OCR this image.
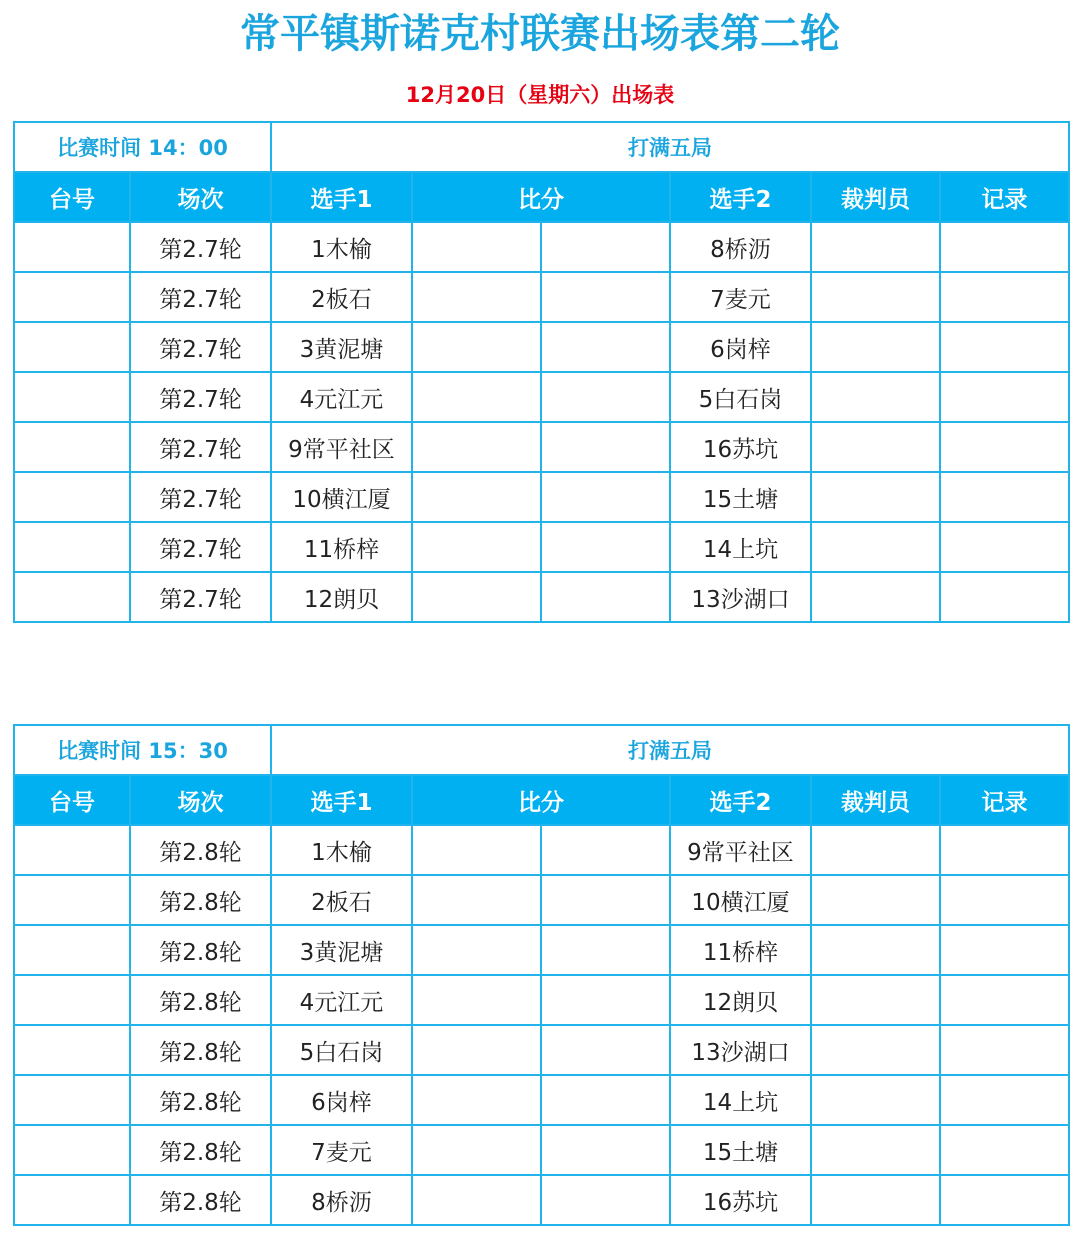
常平镇斯诺克村联赛出场表第二轮
12月20日（星期六）出场表
比赛时间 14：00		打满五局					
台号	场次	选手1	比分		选手2	裁判员	记录
	第2.7轮	1木榆			8桥沥		
	第2.7轮	2板石			7麦元		
	第2.7轮	3黄泥塘			6岗梓		
	第2.7轮	4元江元			5白石岗		
	第2.7轮	9常平社区			16苏坑		
	第2.7轮	10横江厦			15土塘		
	第2.7轮	11桥梓			14上坑		
	第2.7轮	12朗贝			13沙湖口		
比赛时间 15：30		打满五局					
台号	场次	选手1	比分		选手2	裁判员	记录
	第2.8轮	1木榆			9常平社区		
	第2.8轮	2板石			10横江厦		
	第2.8轮	3黄泥塘			11桥梓		
	第2.8轮	4元江元			12朗贝		
	第2.8轮	5白石岗			13沙湖口		
	第2.8轮	6岗梓			14上坑		
	第2.8轮	7麦元			15土塘		
	第2.8轮	8桥沥			16苏坑		
